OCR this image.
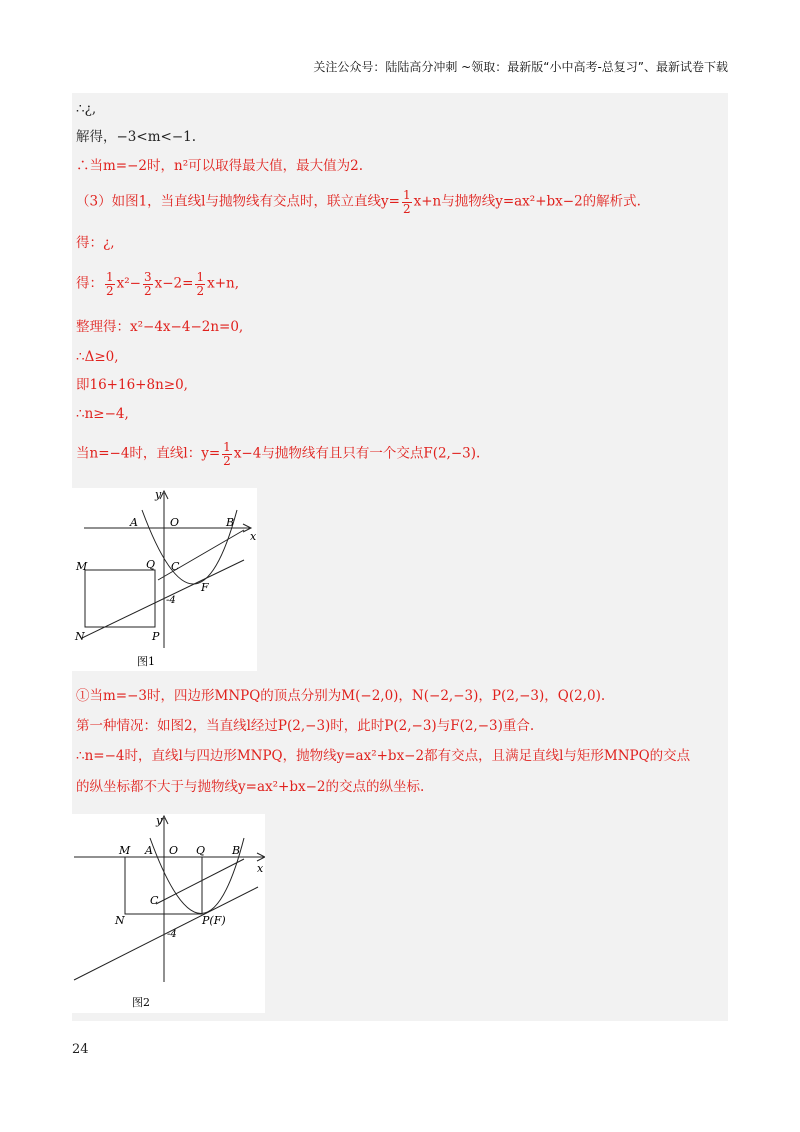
关注公众号：陆陆高分冲刺 ~领取：最新版“小中高考-总复习”、最新试卷下载
∴¿,
解得，−3<m<−1.
∴当m=−2时，n²可以取得最大值，最大值为2.
（3）如图1，当直线l与抛物线有交点时，联立直线$y= \frac{1}{2} x+n$与抛物线y=ax²+bx−2的解析式.
得：¿,
得： $\frac{1}{2} x^2- \frac{3}{2} x-2= \frac{1}{2} x+n$,
整理得：x²−4x−4−2n=0,
∴Δ≥0,
即16+16+8n≥0,
∴n≥−4,
当n=−4时，直线l：$y= \frac{1}{2} x-4$与抛物线有且只有一个交点F(2,−3).
y
x
A	O	B
M	Q C
F
-4
N	P
图1
①当m=−3时，四边形MNPQ的顶点分别为M(−2,0)，N(−2,−3)，P(2,−3)，Q(2,0).
第一种情况：如图2，当直线l经过P(2,−3)时，此时P(2,−3)与F(2,−3)重合.
∴n=−4时，直线l与四边形MNPQ，抛物线y=ax²+bx−2都有交点，且满足直线l与矩形MNPQ的交点
的纵坐标都不大于与抛物线y=ax²+bx−2的交点的纵坐标.
y
x
M A O Q B
C
N	P(F)
-4
图2
24
